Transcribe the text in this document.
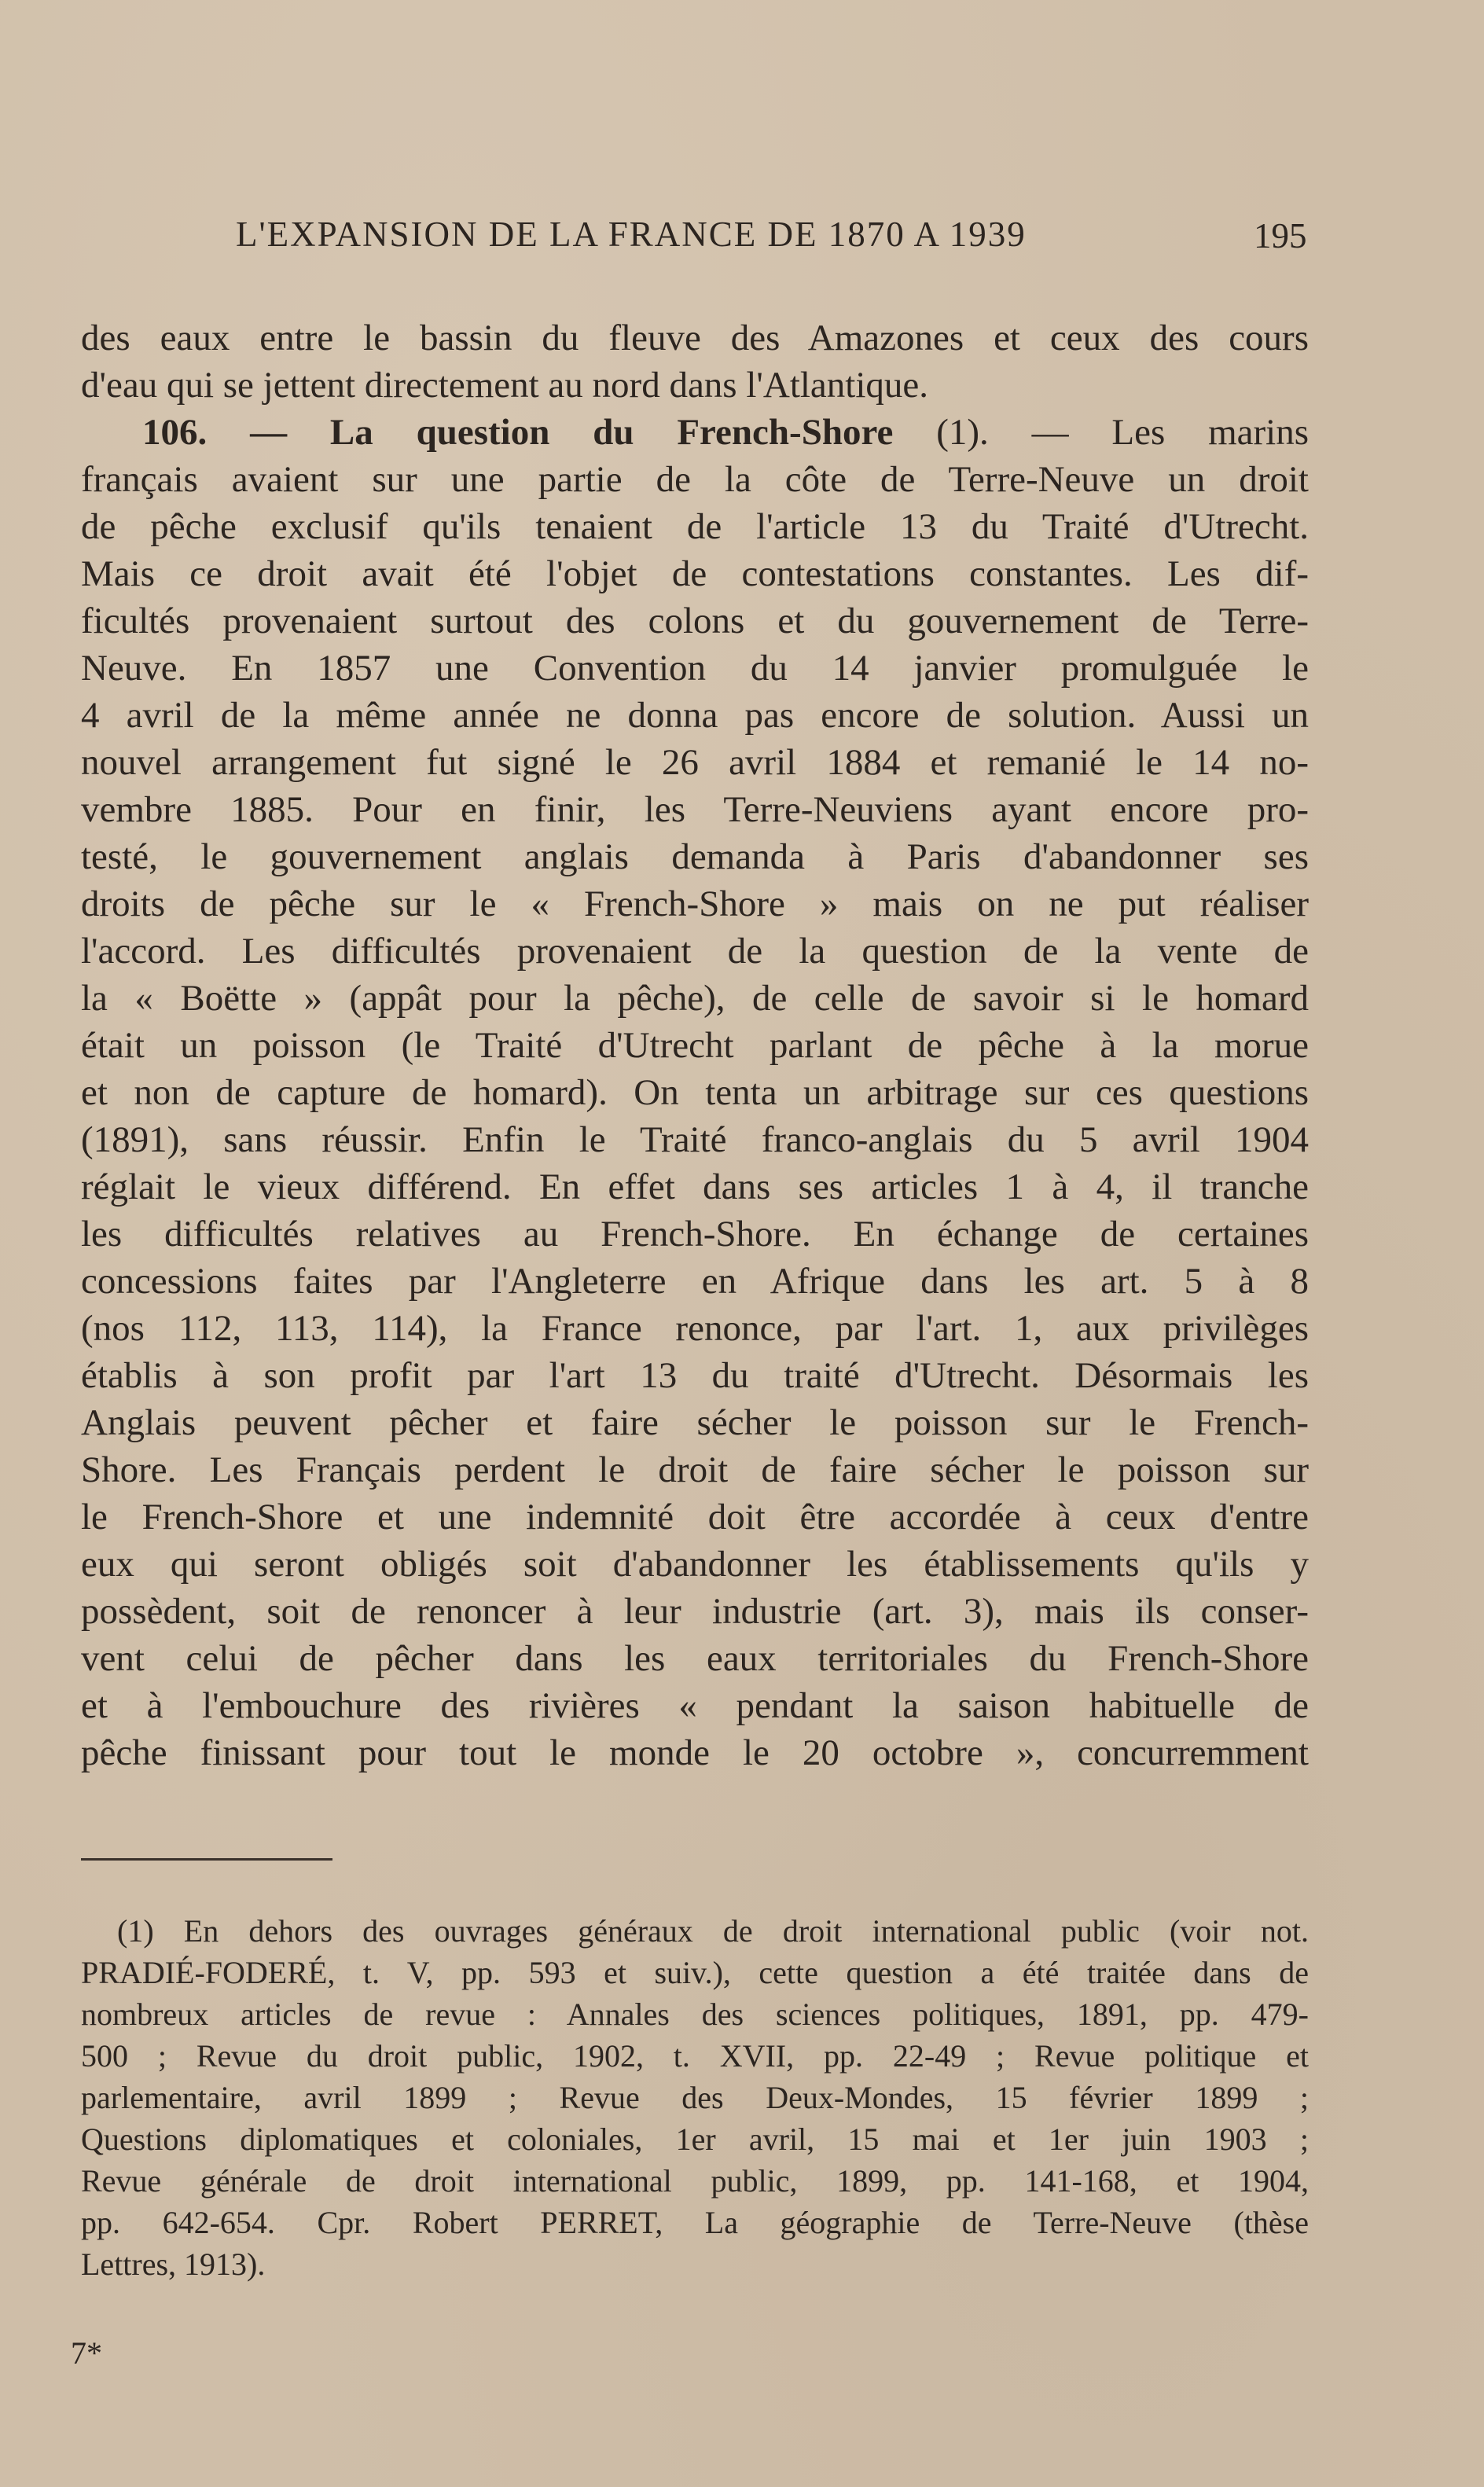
L'EXPANSION DE LA FRANCE DE 1870 A 1939	195
des eaux entre le bassin du fleuve des Amazones et ceux des cours
d'eau qui se jettent directement au nord dans l'Atlantique.
106. — La question du French-Shore (1). — Les marins
français avaient sur une partie de la côte de Terre-Neuve un droit
de pêche exclusif qu'ils tenaient de l'article 13 du Traité d'Utrecht.
Mais ce droit avait été l'objet de contestations constantes. Les dif-
ficultés provenaient surtout des colons et du gouvernement de Terre-
Neuve. En 1857 une Convention du 14 janvier promulguée le
4 avril de la même année ne donna pas encore de solution. Aussi un
nouvel arrangement fut signé le 26 avril 1884 et remanié le 14 no-
vembre 1885. Pour en finir, les Terre-Neuviens ayant encore pro-
testé, le gouvernement anglais demanda à Paris d'abandonner ses
droits de pêche sur le « French-Shore » mais on ne put réaliser
l'accord. Les difficultés provenaient de la question de la vente de
la « Boëtte » (appât pour la pêche), de celle de savoir si le homard
était un poisson (le Traité d'Utrecht parlant de pêche à la morue
et non de capture de homard). On tenta un arbitrage sur ces questions
(1891), sans réussir. Enfin le Traité franco-anglais du 5 avril 1904
réglait le vieux différend. En effet dans ses articles 1 à 4, il tranche
les difficultés relatives au French-Shore. En échange de certaines
concessions faites par l'Angleterre en Afrique dans les art. 5 à 8
(nos 112, 113, 114), la France renonce, par l'art. 1, aux privilèges
établis à son profit par l'art 13 du traité d'Utrecht. Désormais les
Anglais peuvent pêcher et faire sécher le poisson sur le French-
Shore. Les Français perdent le droit de faire sécher le poisson sur
le French-Shore et une indemnité doit être accordée à ceux d'entre
eux qui seront obligés soit d'abandonner les établissements qu'ils y
possèdent, soit de renoncer à leur industrie (art. 3), mais ils conser-
vent celui de pêcher dans les eaux territoriales du French-Shore
et à l'embouchure des rivières « pendant la saison habituelle de
pêche finissant pour tout le monde le 20 octobre », concurremment
(1) En dehors des ouvrages généraux de droit international public (voir not.
PRADIÉ-FODERÉ, t. V, pp. 593 et suiv.), cette question a été traitée dans de
nombreux articles de revue : Annales des sciences politiques, 1891, pp. 479-
500 ; Revue du droit public, 1902, t. XVII, pp. 22-49 ; Revue politique et
parlementaire, avril 1899 ; Revue des Deux-Mondes, 15 février 1899 ;
Questions diplomatiques et coloniales, 1er avril, 15 mai et 1er juin 1903 ;
Revue générale de droit international public, 1899, pp. 141-168, et 1904,
pp. 642-654. Cpr. Robert PERRET, La géographie de Terre-Neuve (thèse
Lettres, 1913).
7*
